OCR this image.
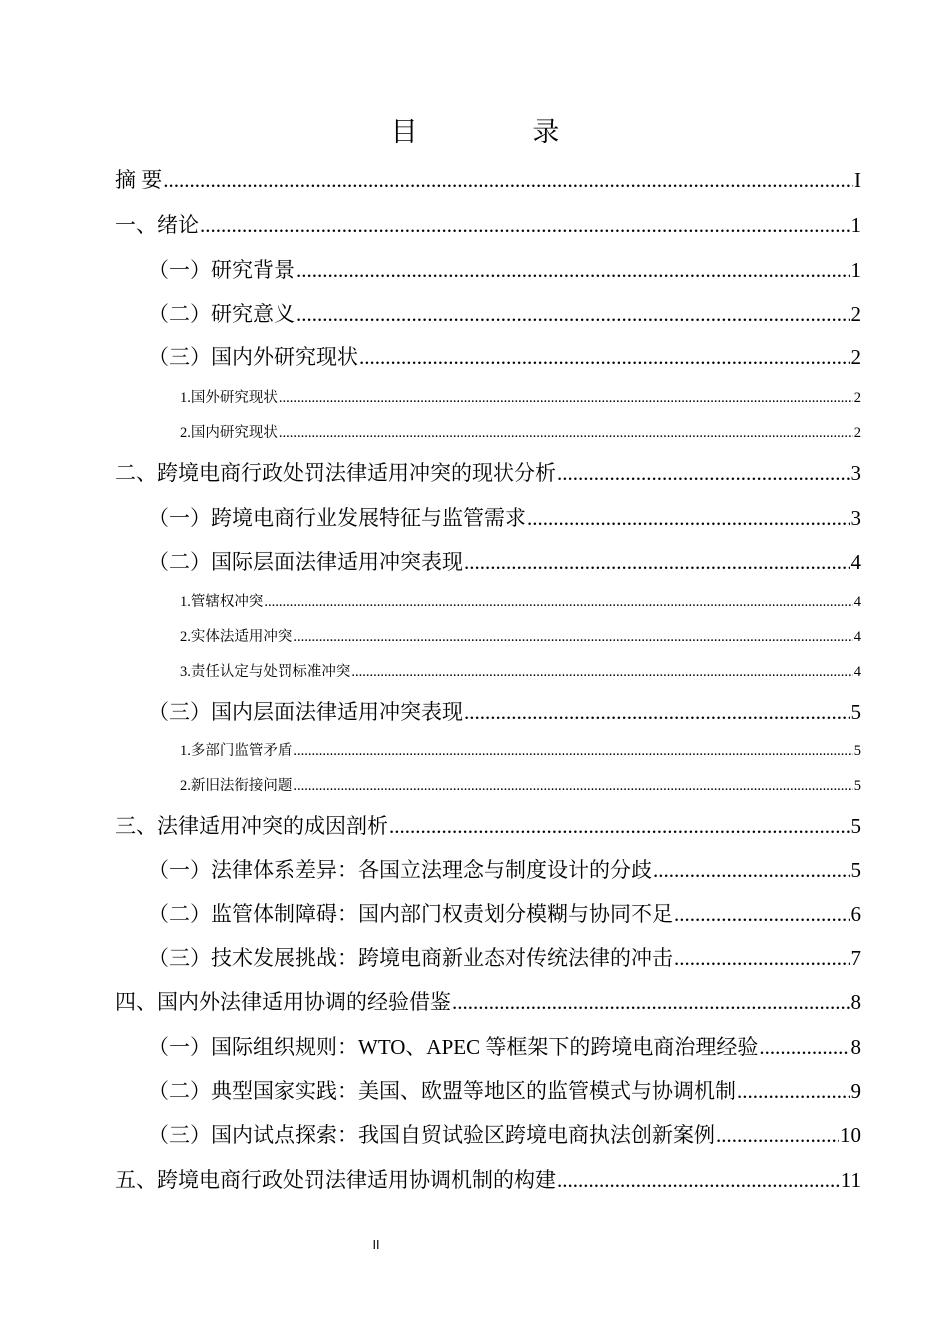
目 录
摘 要 .....	I
一、绪论 .....	1
（一）研究背景 .....	1
（二）研究意义 .....	2
（三）国内外研究现状 .....	2
1.国外研究现状 .....	2
2.国内研究现状 .....	2
二、跨境电商行政处罚法律适用冲突的现状分析 .....	3
（一）跨境电商行业发展特征与监管需求 .....	3
（二）国际层面法律适用冲突表现 .....	4
1.管辖权冲突 .....	4
2.实体法适用冲突 .....	4
3.责任认定与处罚标准冲突 .....	4
（三）国内层面法律适用冲突表现 .....	5
1.多部门监管矛盾 .....	5
2.新旧法衔接问题 .....	5
三、法律适用冲突的成因剖析 .....	5
（一）法律体系差异：各国立法理念与制度设计的分歧 .....	5
（二）监管体制障碍：国内部门权责划分模糊与协同不足 .....	6
（三）技术发展挑战：跨境电商新业态对传统法律的冲击 .....	7
四、国内外法律适用协调的经验借鉴 .....	8
（一）国际组织规则：WTO、APEC 等框架下的跨境电商治理经验 .....	8
（二）典型国家实践：美国、欧盟等地区的监管模式与协调机制 .....	9
（三）国内试点探索：我国自贸试验区跨境电商执法创新案例 .....	10
五、跨境电商行政处罚法律适用协调机制的构建 .....	11
II
